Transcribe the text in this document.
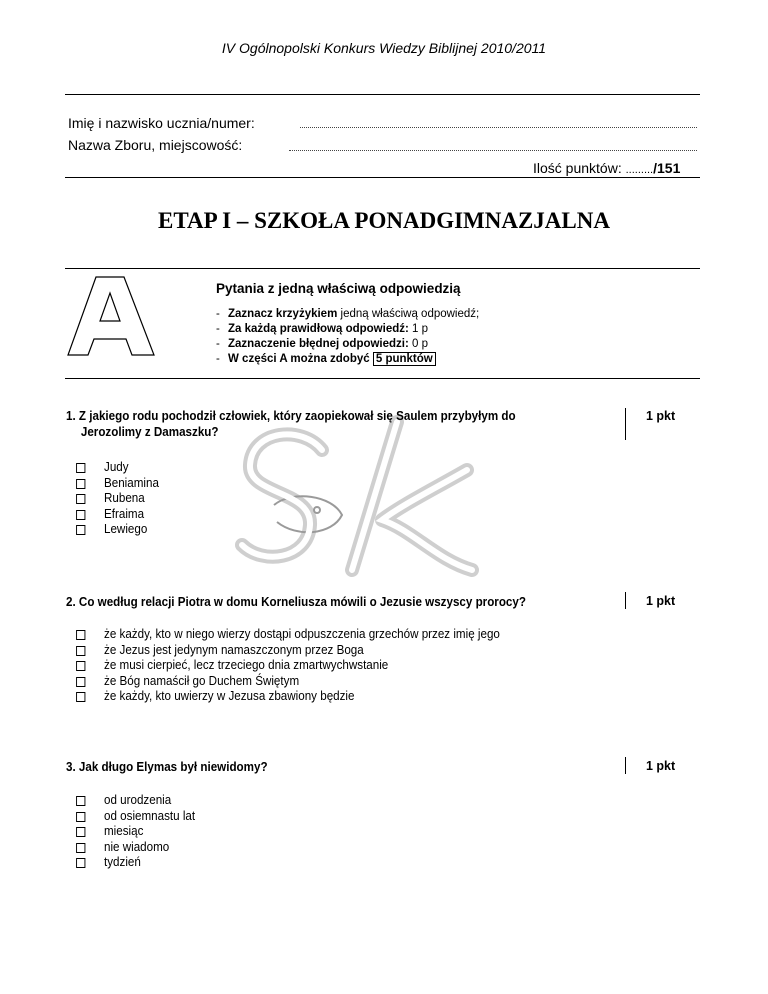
IV Ogólnopolski Konkurs Wiedzy Biblijnej 2010/2011
Imię i nazwisko ucznia/numer:
Nazwa Zboru, miejscowość:
Ilość punktów: ........./151
ETAP I – SZKOŁA PONADGIMNAZJALNA
Pytania z jedną właściwą odpowiedzią
- Zaznacz krzyżykiem jedną właściwą odpowiedź;
- Za każdą prawidłową odpowiedź: 1 p
- Zaznaczenie błędnej odpowiedzi: 0 p
- W części A można zdobyć 5 punktów
1. Z jakiego rodu pochodził człowiek, który zaopiekował się Saulem przybyłym do
Jerozolimy z Damaszku?
1 pkt
Judy
Beniamina
Rubena
Efraima
Lewiego
2. Co według relacji Piotra w domu Korneliusza mówili o Jezusie wszyscy prorocy?	1 pkt
że każdy, kto w niego wierzy dostąpi odpuszczenia grzechów przez imię jego
że Jezus jest jedynym namaszczonym przez Boga
że musi cierpieć, lecz trzeciego dnia zmartwychwstanie
że Bóg namaścił go Duchem Świętym
że każdy, kto uwierzy w Jezusa zbawiony będzie
3. Jak długo Elymas był niewidomy?	1 pkt
od urodzenia
od osiemnastu lat
miesiąc
nie wiadomo
tydzień
